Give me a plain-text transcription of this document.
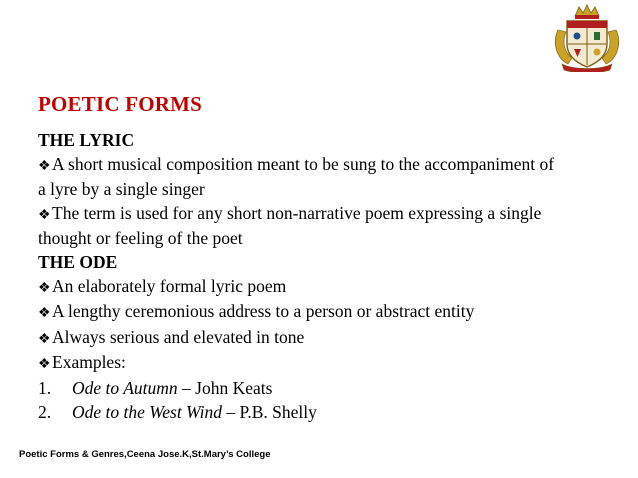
POETIC FORMS
THE LYRIC
❖A short musical composition meant to be sung to the accompaniment of
a lyre by a single singer
❖The term is used for any short non-narrative poem expressing a single
thought or feeling of the poet
THE ODE
❖An elaborately formal lyric poem
❖A lengthy ceremonious address to a person or abstract entity
❖Always serious and elevated in tone
❖Examples:
1. Ode to Autumn – John Keats
2. Ode to the West Wind – P.B. Shelly
Poetic Forms & Genres,Ceena Jose.K,St.Mary’s College
